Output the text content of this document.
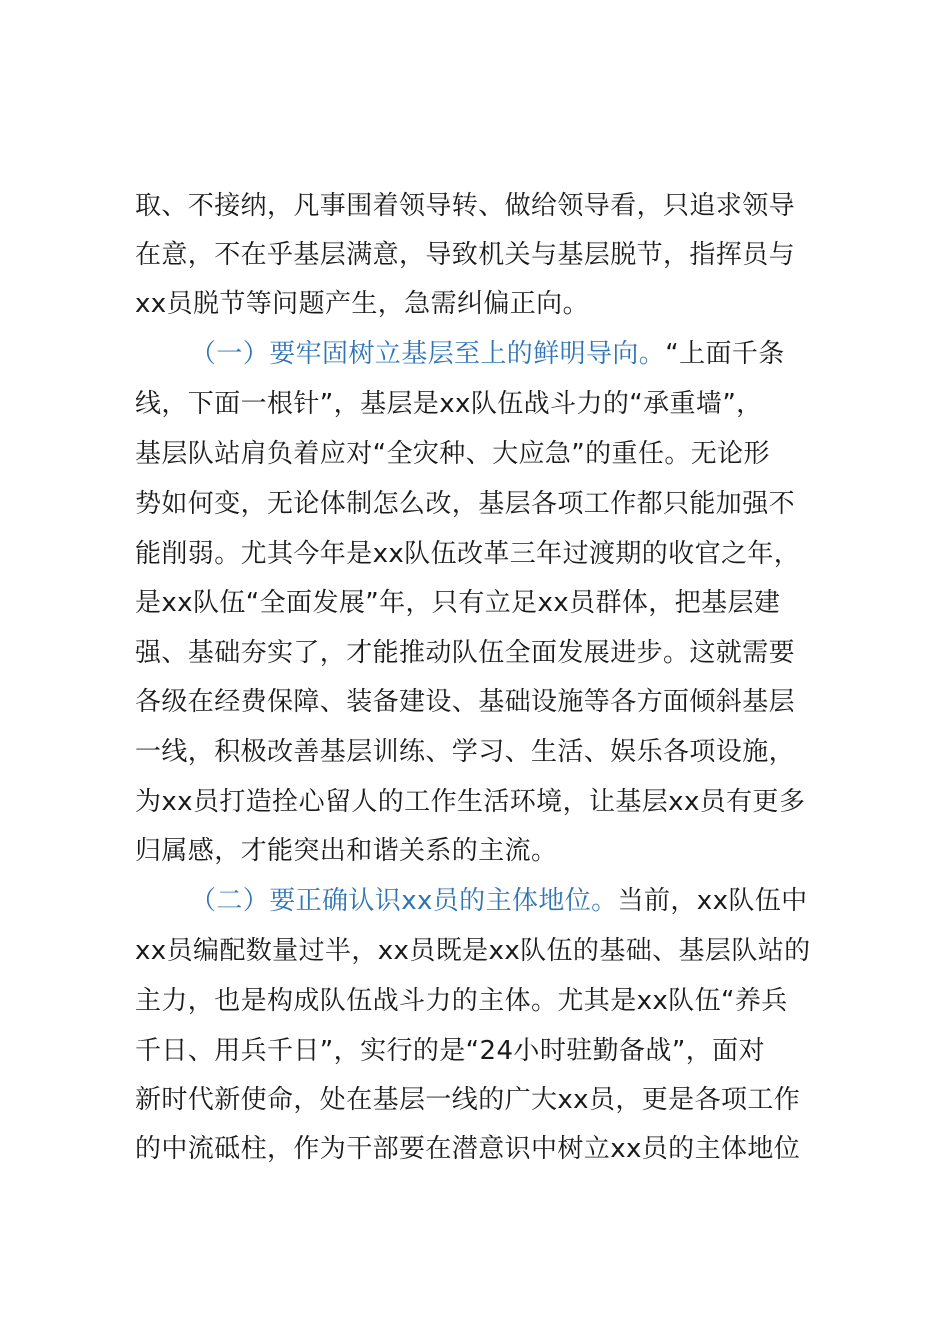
取、不接纳，凡事围着领导转、做给领导看，只追求领导
在意，不在乎基层满意，导致机关与基层脱节，指挥员与
xx员脱节等问题产生，急需纠偏正向。
（一）要牢固树立基层至上的鲜明导向。“上面千条
线，下面一根针”，基层是xx队伍战斗力的“承重墙”，
基层队站肩负着应对“全灾种、大应急”的重任。无论形
势如何变，无论体制怎么改，基层各项工作都只能加强不
能削弱。尤其今年是xx队伍改革三年过渡期的收官之年，
是xx队伍“全面发展”年，只有立足xx员群体，把基层建
强、基础夯实了，才能推动队伍全面发展进步。这就需要
各级在经费保障、装备建设、基础设施等各方面倾斜基层
一线，积极改善基层训练、学习、生活、娱乐各项设施，
为xx员打造拴心留人的工作生活环境，让基层xx员有更多
归属感，才能突出和谐关系的主流。
（二）要正确认识xx员的主体地位。当前，xx队伍中
xx员编配数量过半，xx员既是xx队伍的基础、基层队站的
主力，也是构成队伍战斗力的主体。尤其是xx队伍“养兵
千日、用兵千日”，实行的是“24小时驻勤备战”，面对
新时代新使命，处在基层一线的广大xx员，更是各项工作
的中流砥柱，作为干部要在潜意识中树立xx员的主体地位
